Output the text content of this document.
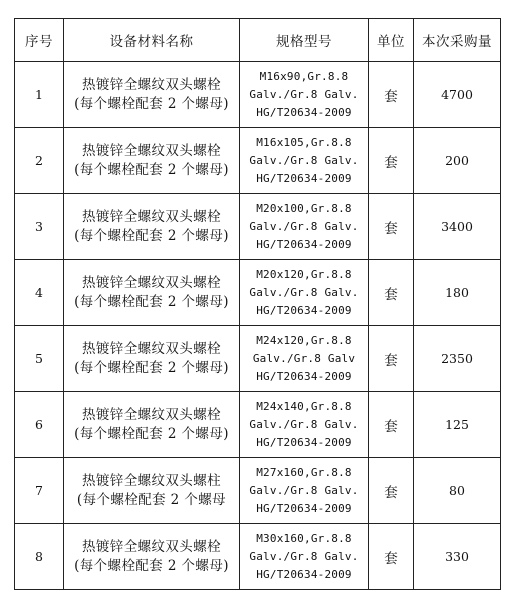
序号	设备材料名称	规格型号	单位	本次采购量
1	热镀锌全螺纹双头螺栓
(每个螺栓配套 2 个螺母)	M16x90,Gr.8.8
Galv./Gr.8 Galv.
HG/T20634-2009	套	4700
2	热镀锌全螺纹双头螺栓
(每个螺栓配套 2 个螺母)	M16x105,Gr.8.8
Galv./Gr.8 Galv.
HG/T20634-2009	套	200
3	热镀锌全螺纹双头螺栓
(每个螺栓配套 2 个螺母)	M20x100,Gr.8.8
Galv./Gr.8 Galv.
HG/T20634-2009	套	3400
4	热镀锌全螺纹双头螺栓
(每个螺栓配套 2 个螺母)	M20x120,Gr.8.8
Galv./Gr.8 Galv.
HG/T20634-2009	套	180
5	热镀锌全螺纹双头螺栓
(每个螺栓配套 2 个螺母)	M24x120,Gr.8.8
Galv./Gr.8 Galv
HG/T20634-2009	套	2350
6	热镀锌全螺纹双头螺栓
(每个螺栓配套 2 个螺母)	M24x140,Gr.8.8
Galv./Gr.8 Galv.
HG/T20634-2009	套	125
7	热镀锌全螺纹双头螺柱
(每个螺栓配套 2 个螺母	M27x160,Gr.8.8
Galv./Gr.8 Galv.
HG/T20634-2009	套	80
8	热镀锌全螺纹双头螺栓
(每个螺栓配套 2 个螺母)	M30x160,Gr.8.8
Galv./Gr.8 Galv.
HG/T20634-2009	套	330
